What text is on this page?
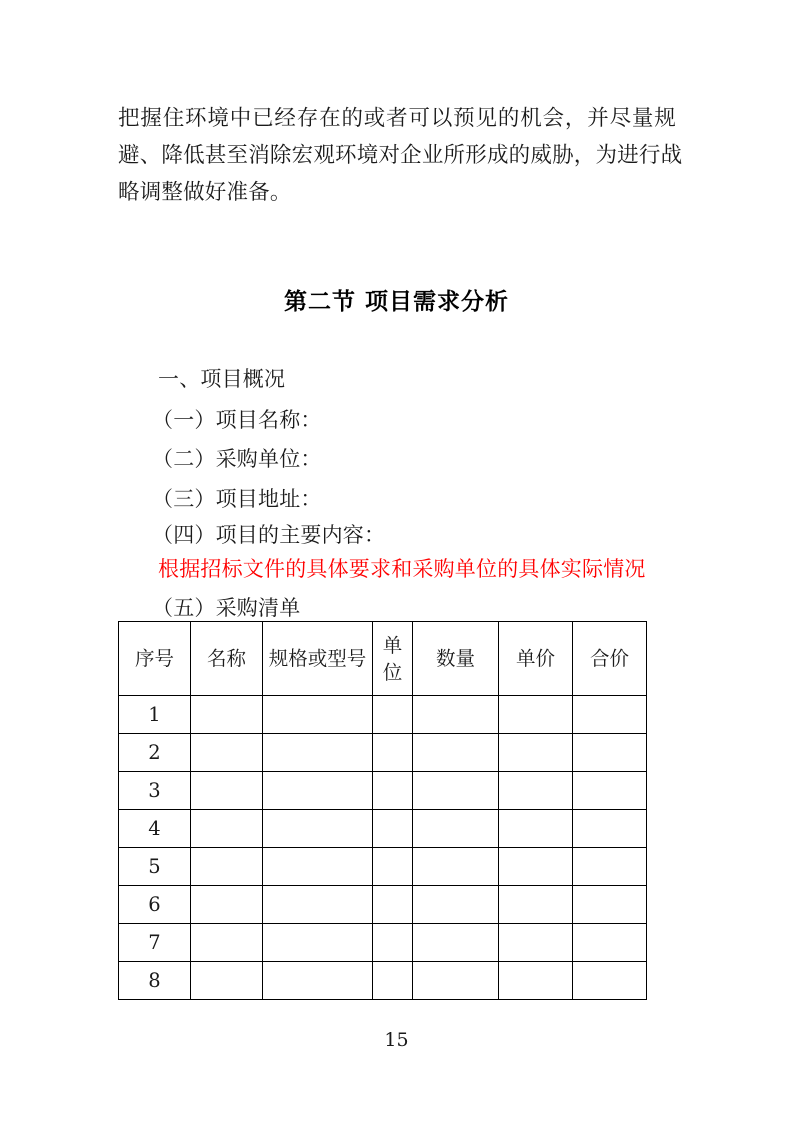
把 握 住 环 境 中 已 经 存 在 的 或 者 可 以 预 见 的 机 会 ， 并 尽 量 规
避 、 降 低 甚 至 消 除 宏 观 环 境 对 企 业 所 形 成 的 威 胁 ， 为 进 行 战
略调整做好准备。
第二节 项目需求分析
一、项目概况
（一）项目名称：
（二）采购单位：
（三）项目地址：
（四）项目的主要内容：
根据招标文件的具体要求和采购单位的具体实际情况
（五）采购清单
序号	名称	规格或型号	单位	数量	单价	合价
1						
2						
3						
4						
5						
6						
7						
8						
15
